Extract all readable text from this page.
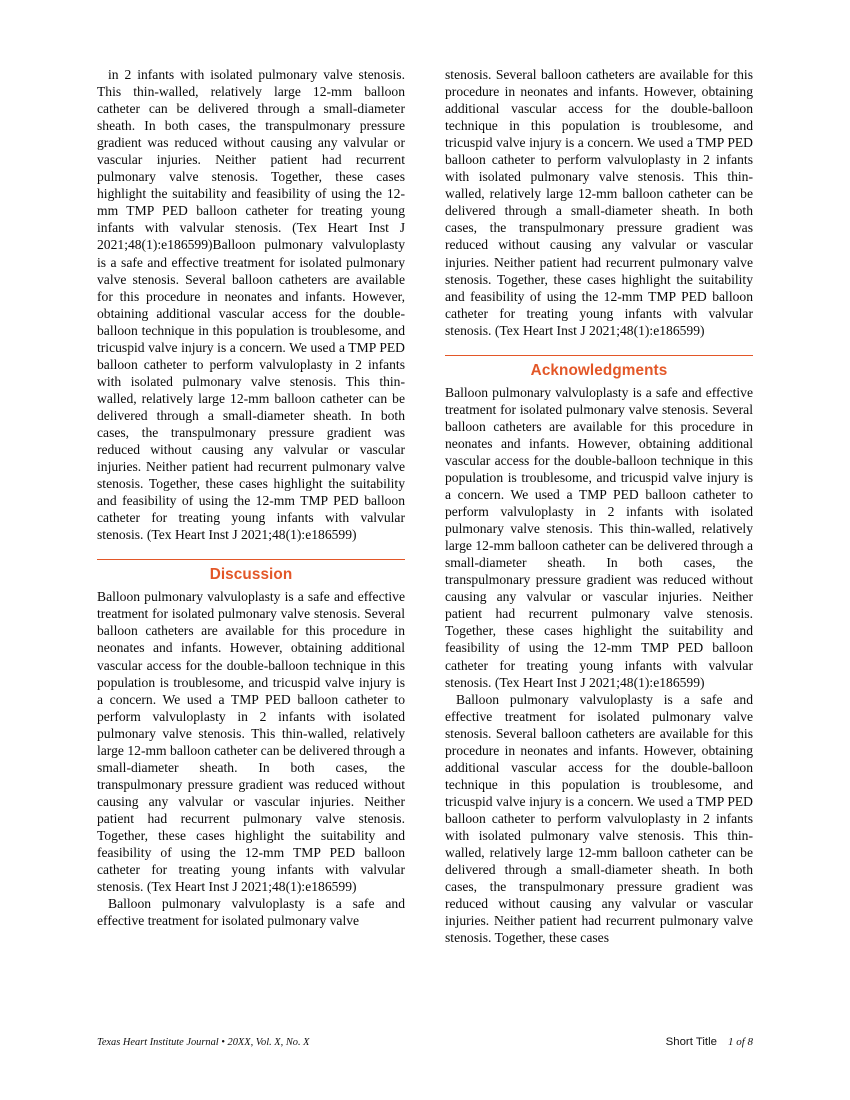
in 2 infants with isolated pulmonary valve stenosis. This thin-walled, relatively large 12-mm balloon catheter can be delivered through a small-diameter sheath. In both cases, the transpulmonary pressure gradient was reduced without causing any valvular or vascular injuries. Neither patient had recurrent pulmonary valve stenosis. Together, these cases highlight the suitability and feasibility of using the 12-mm TMP PED balloon catheter for treating young infants with valvular stenosis. (Tex Heart Inst J 2021;48(1):e186599)Balloon pulmonary valvuloplasty is a safe and effective treatment for isolated pulmonary valve stenosis. Several balloon catheters are available for this procedure in neonates and infants. However, obtaining additional vascular access for the double-balloon technique in this population is troublesome, and tricuspid valve injury is a concern. We used a TMP PED balloon catheter to perform valvuloplasty in 2 infants with isolated pulmonary valve stenosis. This thin-walled, relatively large 12-mm balloon catheter can be delivered through a small-diameter sheath. In both cases, the transpulmonary pressure gradient was reduced without causing any valvular or vascular injuries. Neither patient had recurrent pulmonary valve stenosis. Together, these cases highlight the suitability and feasibility of using the 12-mm TMP PED balloon catheter for treating young infants with valvular stenosis. (Tex Heart Inst J 2021;48(1):e186599)

Discussion

Balloon pulmonary valvuloplasty is a safe and effective treatment for isolated pulmonary valve stenosis. Several balloon catheters are available for this procedure in neonates and infants. However, obtaining additional vascular access for the double-balloon technique in this population is troublesome, and tricuspid valve injury is a concern. We used a TMP PED balloon catheter to perform valvuloplasty in 2 infants with isolated pulmonary valve stenosis. This thin-walled, relatively large 12-mm balloon catheter can be delivered through a small-diameter sheath. In both cases, the transpulmonary pressure gradient was reduced without causing any valvular or vascular injuries. Neither patient had recurrent pulmonary valve stenosis. Together, these cases highlight the suitability and feasibility of using the 12-mm TMP PED balloon catheter for treating young infants with valvular stenosis. (Tex Heart Inst J 2021;48(1):e186599)

Balloon pulmonary valvuloplasty is a safe and effective treatment for isolated pulmonary valve

stenosis. Several balloon catheters are available for this procedure in neonates and infants. However, obtaining additional vascular access for the double-balloon technique in this population is troublesome, and tricuspid valve injury is a concern. We used a TMP PED balloon catheter to perform valvuloplasty in 2 infants with isolated pulmonary valve stenosis. This thin-walled, relatively large 12-mm balloon catheter can be delivered through a small-diameter sheath. In both cases, the transpulmonary pressure gradient was reduced without causing any valvular or vascular injuries. Neither patient had recurrent pulmonary valve stenosis. Together, these cases highlight the suitability and feasibility of using the 12-mm TMP PED balloon catheter for treating young infants with valvular stenosis. (Tex Heart Inst J 2021;48(1):e186599)

Acknowledgments

Balloon pulmonary valvuloplasty is a safe and effective treatment for isolated pulmonary valve stenosis. Several balloon catheters are available for this procedure in neonates and infants. However, obtaining additional vascular access for the double-balloon technique in this population is troublesome, and tricuspid valve injury is a concern. We used a TMP PED balloon catheter to perform valvuloplasty in 2 infants with isolated pulmonary valve stenosis. This thin-walled, relatively large 12-mm balloon catheter can be delivered through a small-diameter sheath. In both cases, the transpulmonary pressure gradient was reduced without causing any valvular or vascular injuries. Neither patient had recurrent pulmonary valve stenosis. Together, these cases highlight the suitability and feasibility of using the 12-mm TMP PED balloon catheter for treating young infants with valvular stenosis. (Tex Heart Inst J 2021;48(1):e186599)

Balloon pulmonary valvuloplasty is a safe and effective treatment for isolated pulmonary valve stenosis. Several balloon catheters are available for this procedure in neonates and infants. However, obtaining additional vascular access for the double-balloon technique in this population is troublesome, and tricuspid valve injury is a concern. We used a TMP PED balloon catheter to perform valvuloplasty in 2 infants with isolated pulmonary valve stenosis. This thin-walled, relatively large 12-mm balloon catheter can be delivered through a small-diameter sheath. In both cases, the transpulmonary pressure gradient was reduced without causing any valvular or vascular injuries. Neither patient had recurrent pulmonary valve stenosis. Together, these cases

Texas Heart Institute Journal • 20XX, Vol. X, No. X	Short Title 1 of 8
